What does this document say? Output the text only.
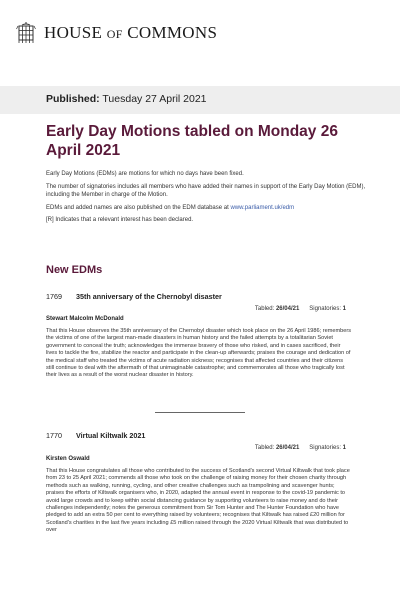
HOUSE OF COMMONS
Published: Tuesday 27 April 2021
Early Day Motions tabled on Monday 26 April 2021

Early Day Motions (EDMs) are motions for which no days have been fixed.

The number of signatories includes all members who have added their names in support of the Early Day Motion (EDM), including the Member in charge of the Motion.

EDMs and added names are also published on the EDM database at www.parliament.uk/edm

[R] Indicates that a relevant interest has been declared.

New EDMs
1769	35th anniversary of the Chernobyl disaster
Tabled: 26/04/21 Signatories: 1
Stewart Malcolm McDonald
That this House observes the 35th anniversary of the Chernobyl disaster which took place on the 26 April 1986; remembers the victims of one of the largest man-made disasters in human history and the failed attempts by a totalitarian Soviet government to conceal the truth; acknowledges the immense bravery of those who risked, and in cases sacrificed, their lives to tackle the fire, stabilize the reactor and participate in the clean-up afterwards; praises the courage and dedication of the medical staff who treated the victims of acute radiation sickness; recognises that affected countries and their citizens still continue to deal with the aftermath of that unimaginable catastrophe; and commemorates all those who tragically lost their lives as a result of the worst nuclear disaster in history.
1770	Virtual Kiltwalk 2021
Tabled: 26/04/21 Signatories: 1
Kirsten Oswald
That this House congratulates all those who contributed to the success of Scotland's second Virtual Kiltwalk that took place from 23 to 25 April 2021; commends all those who took on the challenge of raising money for their chosen charity through methods such as walking, running, cycling, and other creative challenges such as trampolining and scavenger hunts; praises the efforts of Kiltwalk organisers who, in 2020, adapted the annual event in response to the covid-19 pandemic to avoid large crowds and to keep within social distancing guidance by supporting volunteers to raise money and do their challenges independently; notes the generous commitment from Sir Tom Hunter and The Hunter Foundation who have pledged to add an extra 50 per cent to everything raised by volunteers; recognises that Kiltwalk has raised £20 million for Scotland's charities in the last five years including £5 million raised through the 2020 Virtual Kiltwalk that was distributed to over
